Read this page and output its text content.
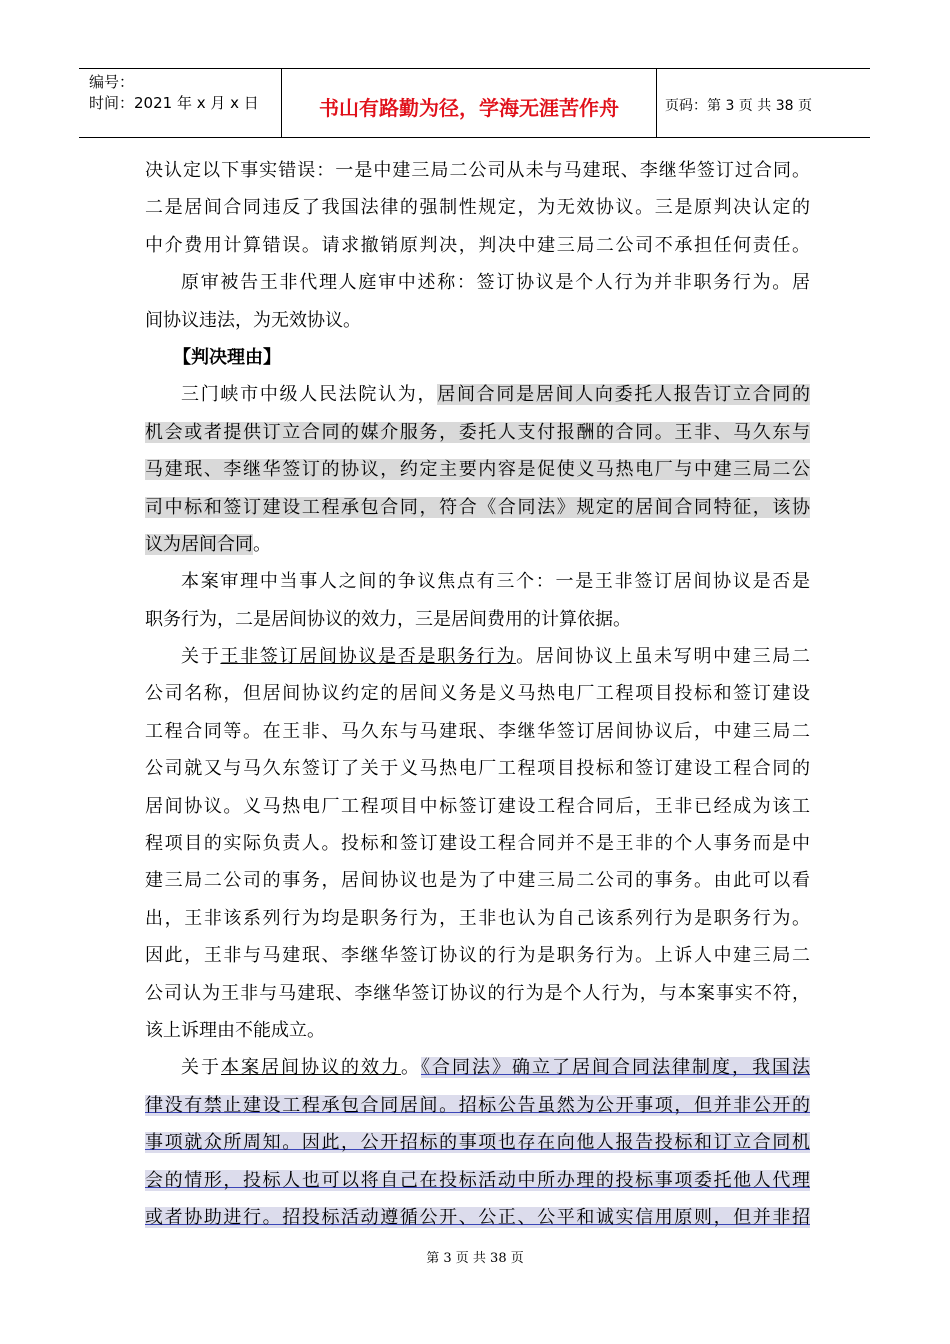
编号：
时间：2021 年 x 月 x 日	书山有路勤为径，学海无涯苦作舟	页码：第 3 页 共 38 页
决认定以下事实错误：一是中建三局二公司从未与马建珉、李继华签订过合同。
二是居间合同违反了我国法律的强制性规定，为无效协议。三是原判决认定的
中介费用计算错误。请求撤销原判决，判决中建三局二公司不承担任何责任。
原审被告王非代理人庭审中述称：签订协议是个人行为并非职务行为。居
间协议违法，为无效协议。
【判决理由】
三门峡市中级人民法院认为，居间合同是居间人向委托人报告订立合同的
机会或者提供订立合同的媒介服务，委托人支付报酬的合同。王非、马久东与
马建珉、李继华签订的协议，约定主要内容是促使义马热电厂与中建三局二公
司中标和签订建设工程承包合同，符合《合同法》规定的居间合同特征，该协
议为居间合同。
本案审理中当事人之间的争议焦点有三个：一是王非签订居间协议是否是
职务行为，二是居间协议的效力，三是居间费用的计算依据。
关于王非签订居间协议是否是职务行为。居间协议上虽未写明中建三局二
公司名称，但居间协议约定的居间义务是义马热电厂工程项目投标和签订建设
工程合同等。在王非、马久东与马建珉、李继华签订居间协议后，中建三局二
公司就又与马久东签订了关于义马热电厂工程项目投标和签订建设工程合同的
居间协议。义马热电厂工程项目中标签订建设工程合同后，王非已经成为该工
程项目的实际负责人。投标和签订建设工程合同并不是王非的个人事务而是中
建三局二公司的事务，居间协议也是为了中建三局二公司的事务。由此可以看
出，王非该系列行为均是职务行为，王非也认为自己该系列行为是职务行为。
因此，王非与马建珉、李继华签订协议的行为是职务行为。上诉人中建三局二
公司认为王非与马建珉、李继华签订协议的行为是个人行为，与本案事实不符，
该上诉理由不能成立。
关于本案居间协议的效力。《合同法》确立了居间合同法律制度，我国法
律没有禁止建设工程承包合同居间。招标公告虽然为公开事项，但并非公开的
事项就众所周知。因此，公开招标的事项也存在向他人报告投标和订立合同机
会的情形，投标人也可以将自己在投标活动中所办理的投标事项委托他人代理
或者协助进行。招投标活动遵循公开、公正、公平和诚实信用原则，但并非招
第 3 页 共 38 页
